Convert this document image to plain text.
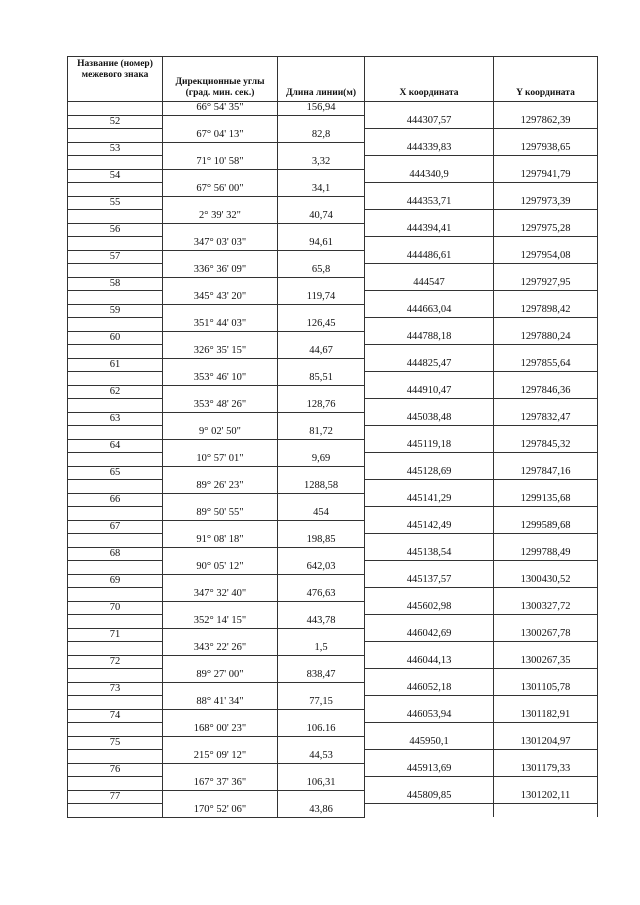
Название (номер) межевого знака	Дирекционные углы (град. мин. сек.)	Длина линии(м)	X координата	Y координата
	66° 54' 35"	156,94		
52			444307,57	1297862,39
	67° 04' 13"	82,8		
53			444339,83	1297938,65
	71° 10' 58"	3,32		
54			444340,9	1297941,79
	67° 56' 00"	34,1		
55			444353,71	1297973,39
	2° 39' 32"	40,74		
56			444394,41	1297975,28
	347° 03' 03"	94,61		
57			444486,61	1297954,08
	336° 36' 09"	65,8		
58			444547	1297927,95
	345° 43' 20"	119,74		
59			444663,04	1297898,42
	351° 44' 03"	126,45		
60			444788,18	1297880,24
	326° 35' 15"	44,67		
61			444825,47	1297855,64
	353° 46' 10"	85,51		
62			444910,47	1297846,36
	353° 48' 26"	128,76		
63			445038,48	1297832,47
	9° 02' 50"	81,72		
64			445119,18	1297845,32
	10° 57' 01"	9,69		
65			445128,69	1297847,16
	89° 26' 23"	1288,58		
66			445141,29	1299135,68
	89° 50' 55"	454		
67			445142,49	1299589,68
	91° 08' 18"	198,85		
68			445138,54	1299788,49
	90° 05' 12"	642,03		
69			445137,57	1300430,52
	347° 32' 40"	476,63		
70			445602,98	1300327,72
	352° 14' 15"	443,78		
71			446042,69	1300267,78
	343° 22' 26"	1,5		
72			446044,13	1300267,35
	89° 27' 00"	838,47		
73			446052,18	1301105,78
	88° 41' 34"	77,15		
74			446053,94	1301182,91
	168° 00' 23"	106.16		
75			445950,1	1301204,97
	215° 09' 12"	44,53		
76			445913,69	1301179,33
	167° 37' 36"	106,31		
77			445809,85	1301202,11
	170° 52' 06"	43,86		
